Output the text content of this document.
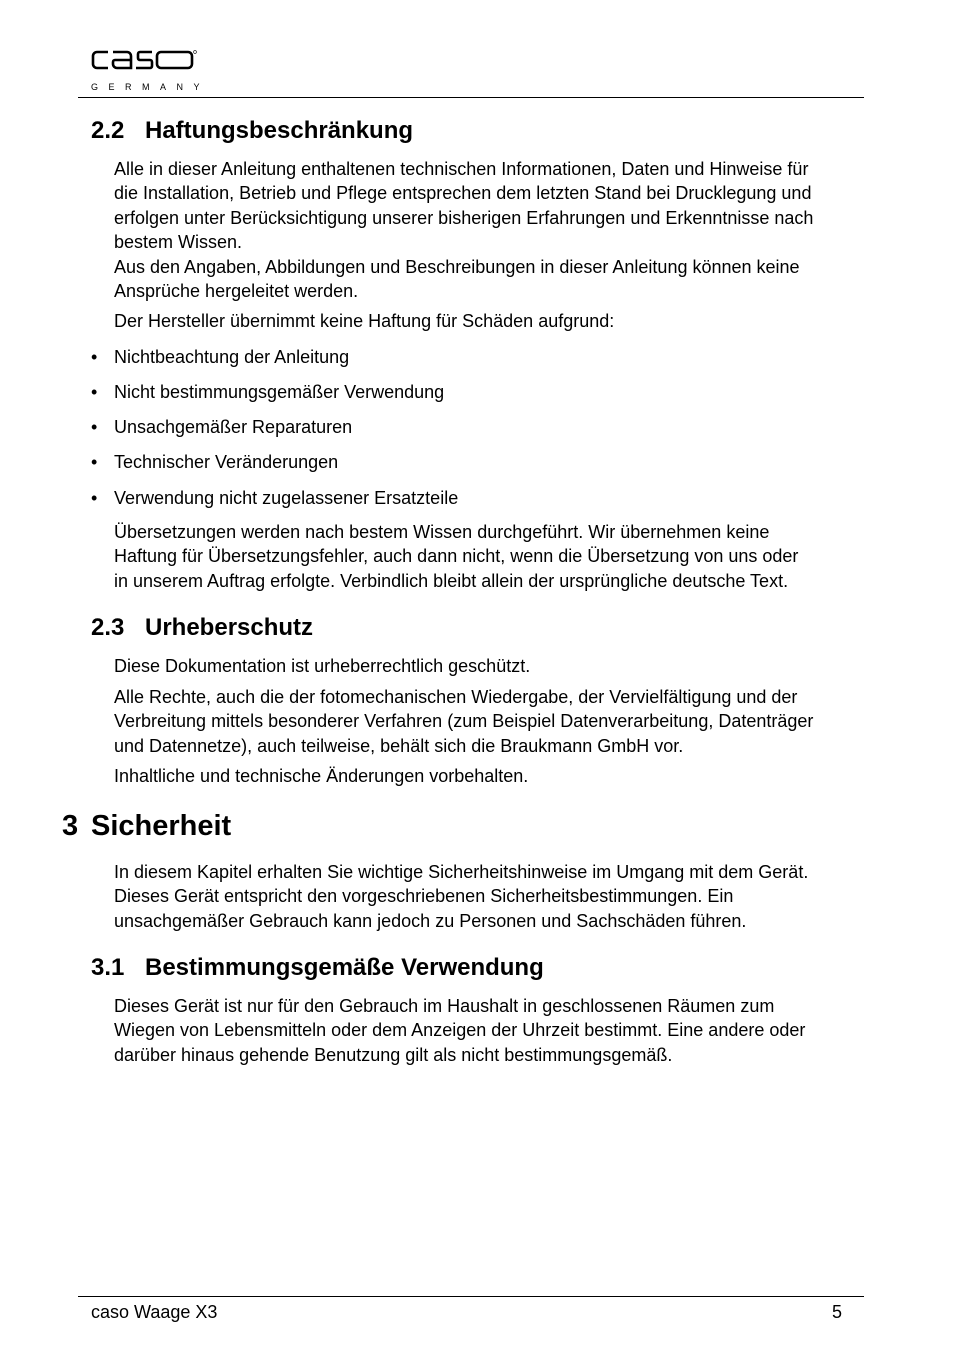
GERMANY
2.2 Haftungsbeschränkung
Alle in dieser Anleitung enthaltenen technischen Informationen, Daten und Hinweise für
die Installation, Betrieb und Pflege entsprechen dem letzten Stand bei Drucklegung und
erfolgen unter Berücksichtigung unserer bisherigen Erfahrungen und Erkenntnisse nach
bestem Wissen.
Aus den Angaben, Abbildungen und Beschreibungen in dieser Anleitung können keine
Ansprüche hergeleitet werden.
Der Hersteller übernimmt keine Haftung für Schäden aufgrund:
• Nichtbeachtung der Anleitung
• Nicht bestimmungsgemäßer Verwendung
• Unsachgemäßer Reparaturen
• Technischer Veränderungen
• Verwendung nicht zugelassener Ersatzteile
Übersetzungen werden nach bestem Wissen durchgeführt. Wir übernehmen keine
Haftung für Übersetzungsfehler, auch dann nicht, wenn die Übersetzung von uns oder
in unserem Auftrag erfolgte. Verbindlich bleibt allein der ursprüngliche deutsche Text.
2.3 Urheberschutz
Diese Dokumentation ist urheberrechtlich geschützt.
Alle Rechte, auch die der fotomechanischen Wiedergabe, der Vervielfältigung und der
Verbreitung mittels besonderer Verfahren (zum Beispiel Datenverarbeitung, Datenträger
und Datennetze), auch teilweise, behält sich die Braukmann GmbH vor.
Inhaltliche und technische Änderungen vorbehalten.
3 Sicherheit
In diesem Kapitel erhalten Sie wichtige Sicherheitshinweise im Umgang mit dem Gerät.
Dieses Gerät entspricht den vorgeschriebenen Sicherheitsbestimmungen. Ein
unsachgemäßer Gebrauch kann jedoch zu Personen und Sachschäden führen.
3.1 Bestimmungsgemäße Verwendung
Dieses Gerät ist nur für den Gebrauch im Haushalt in geschlossenen Räumen zum
Wiegen von Lebensmitteln oder dem Anzeigen der Uhrzeit bestimmt. Eine andere oder
darüber hinaus gehende Benutzung gilt als nicht bestimmungsgemäß.
caso Waage X3	5
